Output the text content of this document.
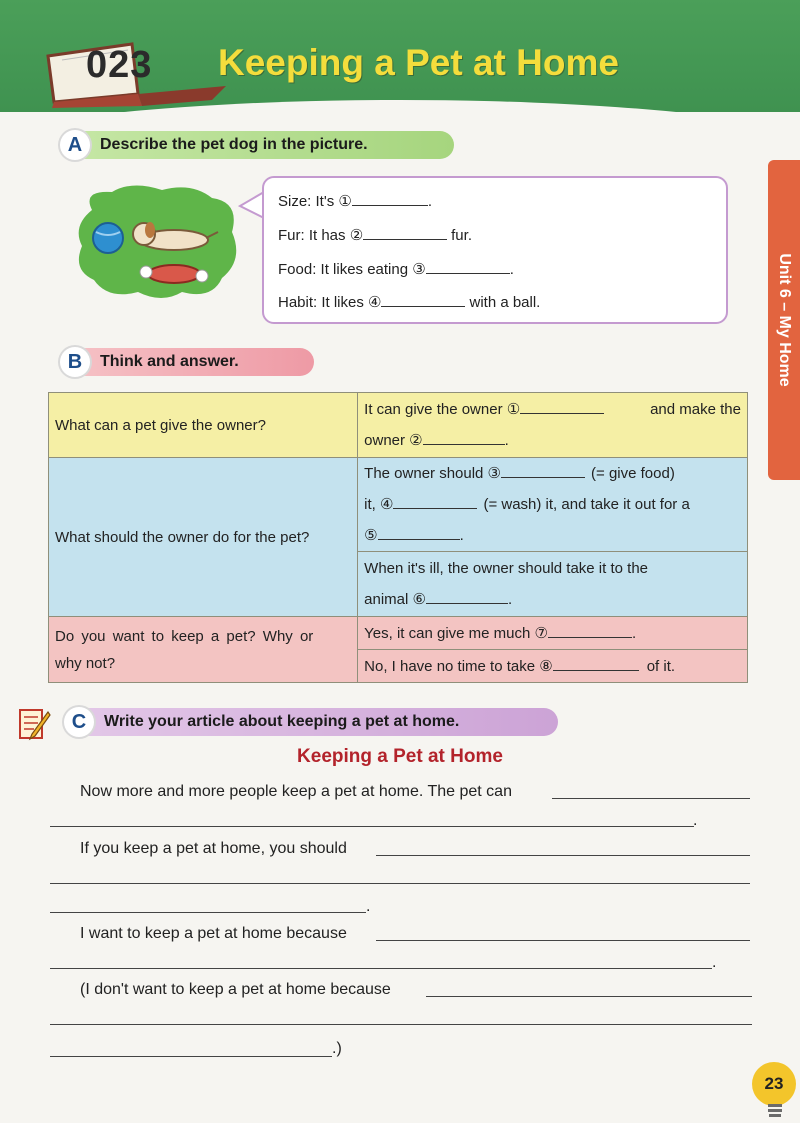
023 Keeping a Pet at Home
Unit 6 – My Home
A	Describe the pet dog in the picture.
Size: It's ①	.
Fur: It has ②	fur.
Food: It likes eating ③	.
Habit: It likes ④	with a ball.
B	Think and answer.
What can a pet give the owner?	It can give the owner ① and make the
owner ② .

What should the owner do for the pet?	The owner should ③ (= give food)
it, ④ (= wash) it, and take it out for a
⑤ .

	When it's ill, the owner should take it to the
animal ⑥ .

Do you want to keep a pet? Why or
why not?	Yes, it can give me much ⑦ .

	No, I have no time to take ⑧ of it.
C	Write your article about keeping a pet at home.
Keeping a Pet at Home
Now more and more people keep a pet at home. The pet can
.
If you keep a pet at home, you should
.
I want to keep a pet at home because
.
(I don't want to keep a pet at home because
.)
23
